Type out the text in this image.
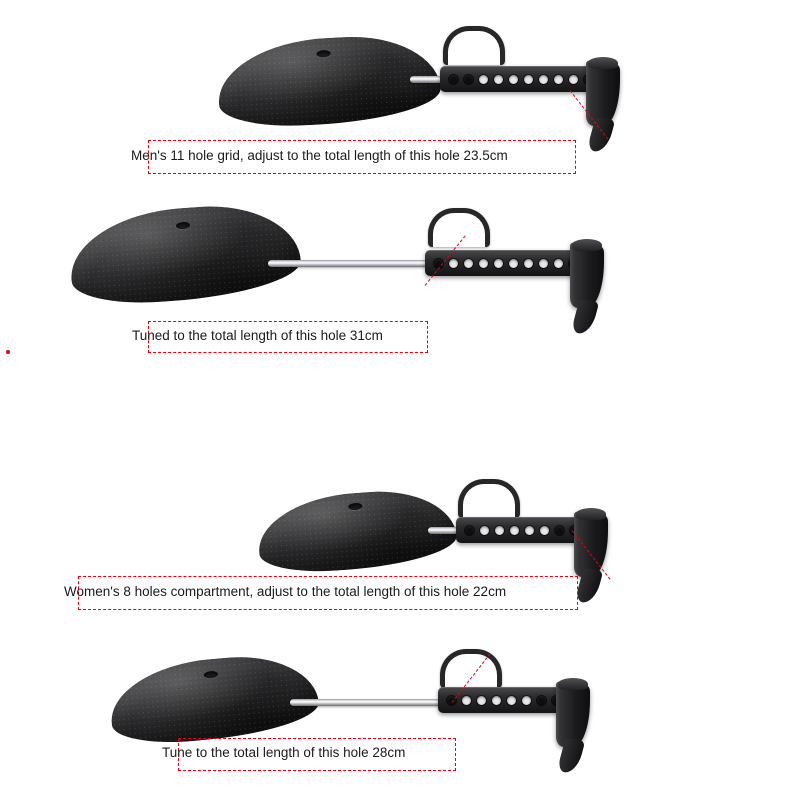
Men's 11 hole grid, adjust to the total length of this hole 23.5cm
Tuned to the total length of this hole 31cm
Women's 8 holes compartment, adjust to the total length of this hole 22cm
Tune to the total length of this hole 28cm
